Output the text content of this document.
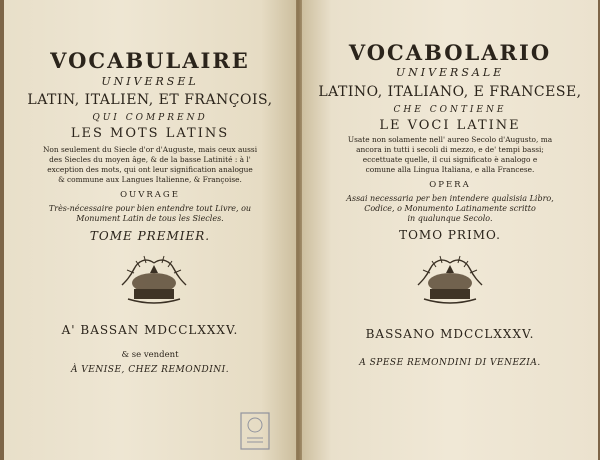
VOCABULAIRE
UNIVERSEL
LATIN, ITALIEN, ET FRANÇOIS,
QUI COMPREND
LES MOTS LATINS
Non seulement du Siecle d'or d'Auguste, mais ceux aussi
des Siecles du moyen âge, & de la basse Latinité : à l'
exception des mots, qui ont leur signification analogue
& commune aux Langues Italienne, & Françoise.
OUVRAGE
Très-nécessaire pour bien entendre tout Livre, ou
Monument Latin de tous les Siecles.
TOME PREMIER.
A' BASSAN MDCCLXXXV.
& se vendent
À VENISE, CHEZ REMONDINI.
VOCABOLARIO
UNIVERSALE
LATINO, ITALIANO, E FRANCESE,
CHE CONTIENE
LE VOCI LATINE
Usate non solamente nell' aureo Secolo d'Augusto, ma
ancora in tutti i secoli di mezzo, e de' tempi bassi;
eccettuate quelle, il cui significato è analogo e
comune alla Lingua Italiana, e alla Francese.
OPERA
Assai necessaria per ben intendere qualsisia Libro,
Codice, o Monumento Latinamente scritto
in qualunque Secolo.
TOMO PRIMO.
BASSANO MDCCLXXXV.
A SPESE REMONDINI DI VENEZIA.
